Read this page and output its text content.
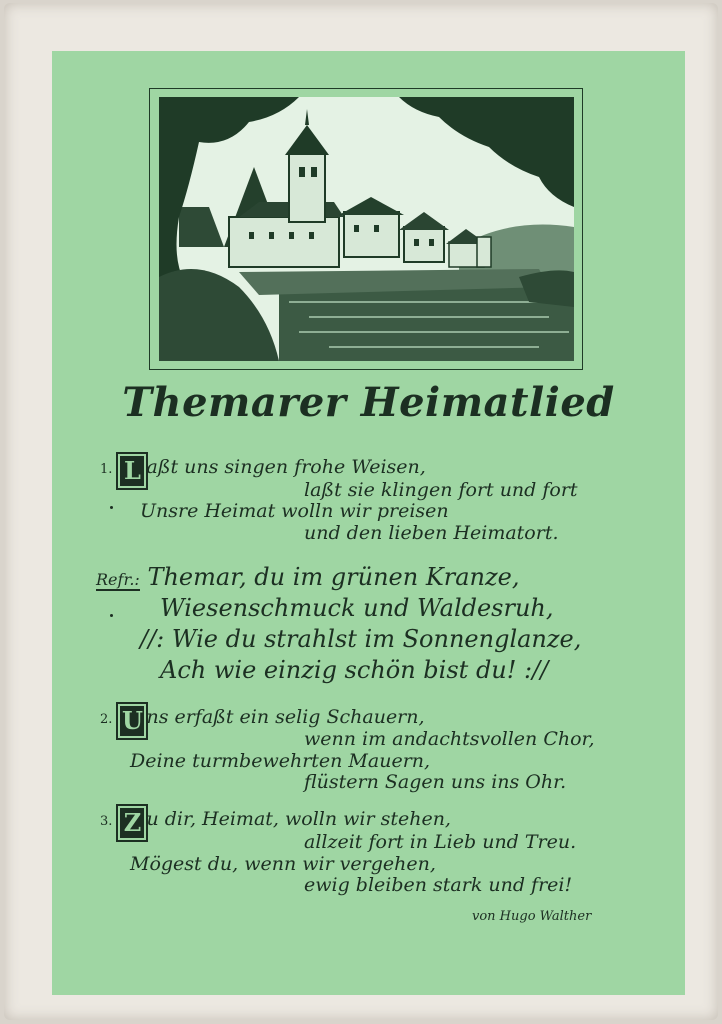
Themarer Heimatlied
1. L aßt uns singen frohe Weisen,
laßt sie klingen fort und fort
Unsre Heimat wolln wir preisen
und den lieben Heimatort.
Refr.: Themar, du im grünen Kranze,
Wiesenschmuck und Waldesruh,
//: Wie du strahlst im Sonnenglanze,
Ach wie einzig schön bist du! ://
2. U ns erfaßt ein selig Schauern,
wenn im andachtsvollen Chor,
Deine turmbewehrten Mauern,
flüstern Sagen uns ins Ohr.
3. Z u dir, Heimat, wolln wir stehen,
allzeit fort in Lieb und Treu.
Mögest du, wenn wir vergehen,
ewig bleiben stark und frei!
von Hugo Walther
